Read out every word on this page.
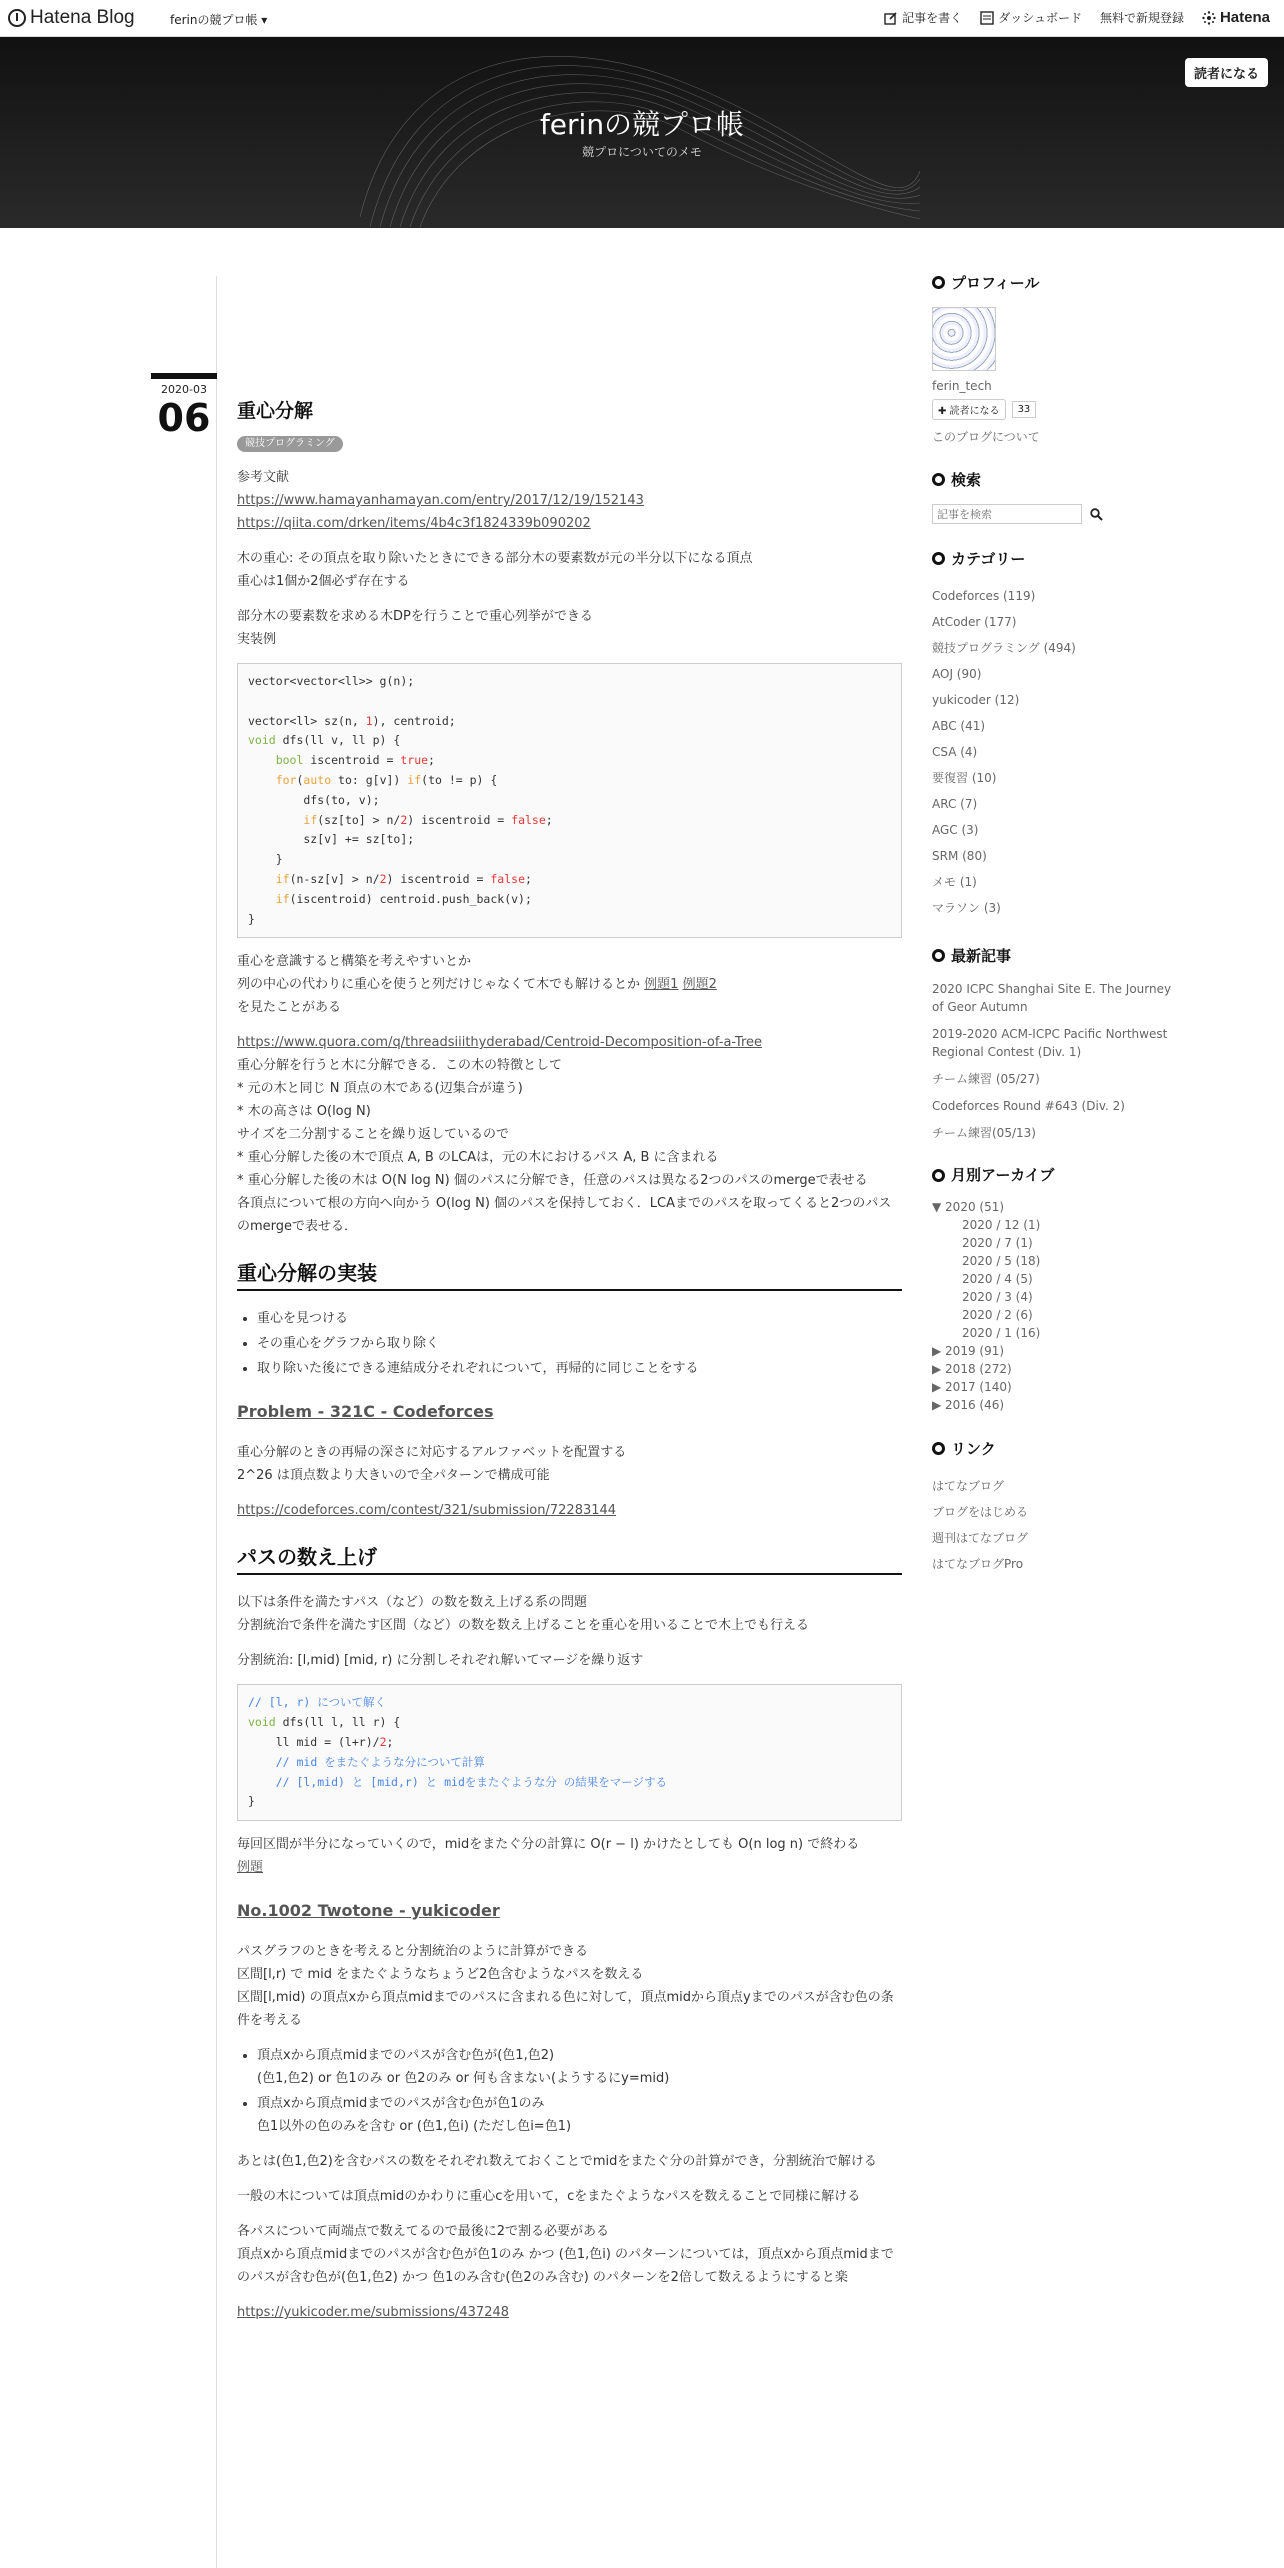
Hatena Blog	ferinの競プロ帳 ▾	記事を書く	ダッシュボード 無料で新規登録 Hatena
ferinの競プロ帳
競プロについてのメモ
読者になる
2020-03
06	重心分解
競技プログラミング

参考文献
https://www.hamayanhamayan.com/entry/2017/12/19/152143
https://qiita.com/drken/items/4b4c3f1824339b090202

木の重心: その頂点を取り除いたときにできる部分木の要素数が元の半分以下になる頂点
重心は1個か2個必ず存在する

部分木の要素数を求める木DPを行うことで重心列挙ができる
実装例

vector<vector<ll>> g(n);

vector<ll> sz(n, 1), centroid;
void dfs(ll v, ll p) {
bool iscentroid = true;
for(auto to: g[v]) if(to != p) {
dfs(to, v);
if(sz[to] > n/2) iscentroid = false;
sz[v] += sz[to];
}
if(n-sz[v] > n/2) iscentroid = false;
if(iscentroid) centroid.push_back(v);
}

重心を意識すると構築を考えやすいとか
列の中心の代わりに重心を使うと列だけじゃなくて木でも解けるとか 例題1 例題2
を見たことがある

https://www.quora.com/q/threadsiiithyderabad/Centroid-Decomposition-of-a-Tree
重心分解を行うと木に分解できる．この木の特徴として
* 元の木と同じ N 頂点の木である(辺集合が違う)
* 木の高さは O(log N)
サイズを二分割することを繰り返しているので
* 重心分解した後の木で頂点 A, B のLCAは，元の木におけるパス A, B に含まれる
* 重心分解した後の木は O(N log N) 個のパスに分解でき，任意のパスは異なる2つのパスのmergeで表せる
各頂点について根の方向へ向かう O(log N) 個のパスを保持しておく．LCAまでのパスを取ってくると2つのパスのmergeで表せる．

重心分解の実装
• 重心を見つける
• その重心をグラフから取り除く
• 取り除いた後にできる連結成分それぞれについて，再帰的に同じことをする
Problem - 321C - Codeforces

重心分解のときの再帰の深さに対応するアルファベットを配置する
2^26 は頂点数より大きいので全パターンで構成可能

https://codeforces.com/contest/321/submission/72283144

パスの数え上げ

以下は条件を満たすパス（など）の数を数え上げる系の問題
分割統治で条件を満たす区間（など）の数を数え上げることを重心を用いることで木上でも行える

分割統治: [l,mid) [mid, r) に分割しそれぞれ解いてマージを繰り返す

// [l, r) について解く
void dfs(ll l, ll r) {
ll mid = (l+r)/2;
// mid をまたぐような分について計算
// [l,mid) と [mid,r) と midをまたぐような分 の結果をマージする
}

毎回区間が半分になっていくので，midをまたぐ分の計算に O(r − l) かけたとしても O(n log n) で終わる
例題

No.1002 Twotone - yukicoder

パスグラフのときを考えると分割統治のように計算ができる
区間[l,r) で mid をまたぐようなちょうど2色含むようなパスを数える
区間[l,mid) の頂点xから頂点midまでのパスに含まれる色に対して，頂点midから頂点yまでのパスが含む色の条件を考える

• 頂点xから頂点midまでのパスが含む色が(色1,色2)
(色1,色2) or 色1のみ or 色2のみ or 何も含まない(ようするにy=mid)
• 頂点xから頂点midまでのパスが含む色が色1のみ
色1以外の色のみを含む or (色1,色i) (ただし色i=色1)

あとは(色1,色2)を含むパスの数をそれぞれ数えておくことでmidをまたぐ分の計算ができ，分割統治で解ける

一般の木については頂点midのかわりに重心cを用いて，cをまたぐようなパスを数えることで同様に解ける

各パスについて両端点で数えてるので最後に2で割る必要がある
頂点xから頂点midまでのパスが含む色が色1のみ かつ (色1,色i) のパターンについては，頂点xから頂点midまでのパスが含む色が(色1,色2) かつ 色1のみ含む(色2のみ含む) のパターンを2倍して数えるようにすると楽

https://yukicoder.me/submissions/437248

プロフィール
ferin_tech
✚ 読者になる	33
このブログについて
検索
記事を検索
カテゴリー
Codeforces (119)
AtCoder (177)
競技プログラミング (494)
AOJ (90)
yukicoder (12)
ABC (41)
CSA (4)
要復習 (10)
ARC (7)
AGC (3)
SRM (80)
メモ (1)
マラソン (3)
最新記事
2020 ICPC Shanghai Site E. The Journey of Geor Autumn
2019-2020 ACM-ICPC Pacific Northwest Regional Contest (Div. 1)
チーム練習 (05/27)
Codeforces Round #643 (Div. 2)
チーム練習(05/13)
月別アーカイブ
▼ 2020 (51)
2020 / 12 (1)
2020 / 7 (1)
2020 / 5 (18)
2020 / 4 (5)
2020 / 3 (4)
2020 / 2 (6)
2020 / 1 (16)
▶ 2019 (91)
▶ 2018 (272)
▶ 2017 (140)
▶ 2016 (46)
リンク
はてなブログ
ブログをはじめる
週刊はてなブログ
はてなブログPro
